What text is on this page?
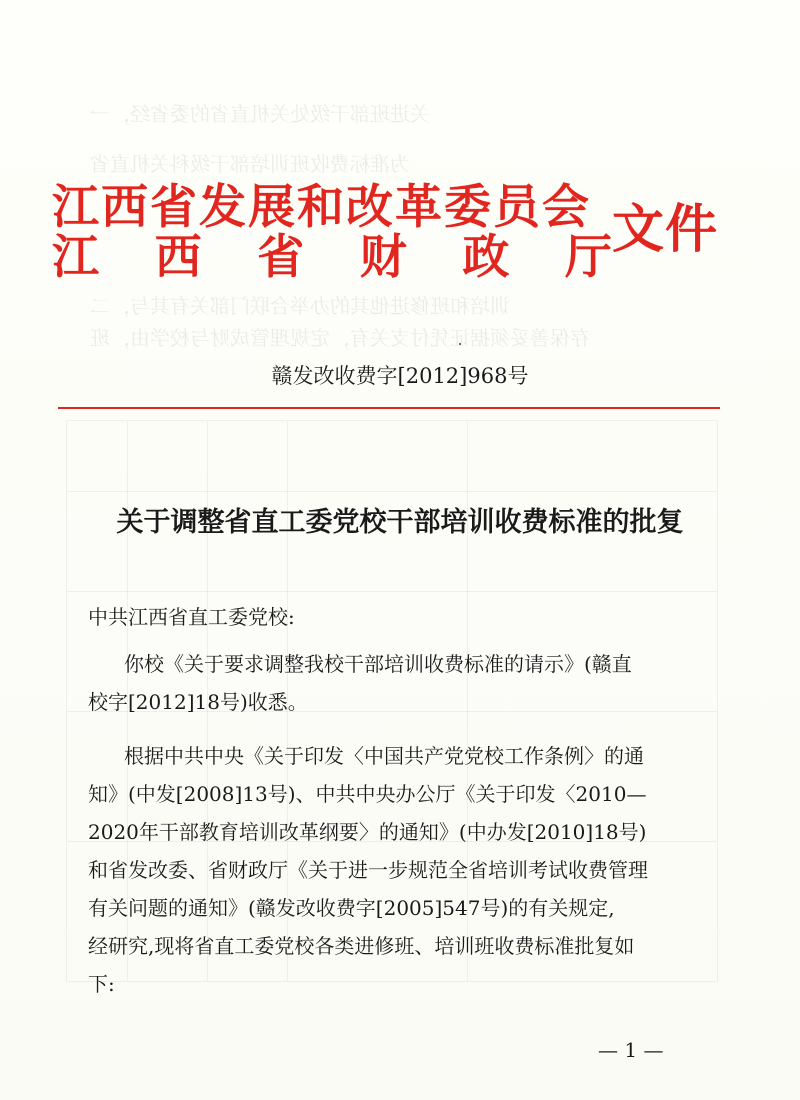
关进班部干级处关机直省的委省经，一
为准标费收班训培部干级科关机直省
训培和班修进他其的办举合联门部关有其与，二
存保善妥须据证凭付支关有，定规理管成财与校学由，班
江西省发展和改革委员会
江 西 省 财 政 厅 文件
赣发改收费字[2012]968号
关于调整省直工委党校干部培训收费标准的批复
中共江西省直工委党校:
你校《关于要求调整我校干部培训收费标准的请示》(赣直
校字[2012]18号)收悉。
根据中共中央《关于印发〈中国共产党党校工作条例〉的通
知》(中发[2008]13号)、中共中央办公厅《关于印发〈2010—
2020年干部教育培训改革纲要〉的通知》(中办发[2010]18号)
和省发改委、省财政厅《关于进一步规范全省培训考试收费管理
有关问题的通知》(赣发改收费字[2005]547号)的有关规定,
经研究,现将省直工委党校各类进修班、培训班收费标准批复如
下:
— 1 —
